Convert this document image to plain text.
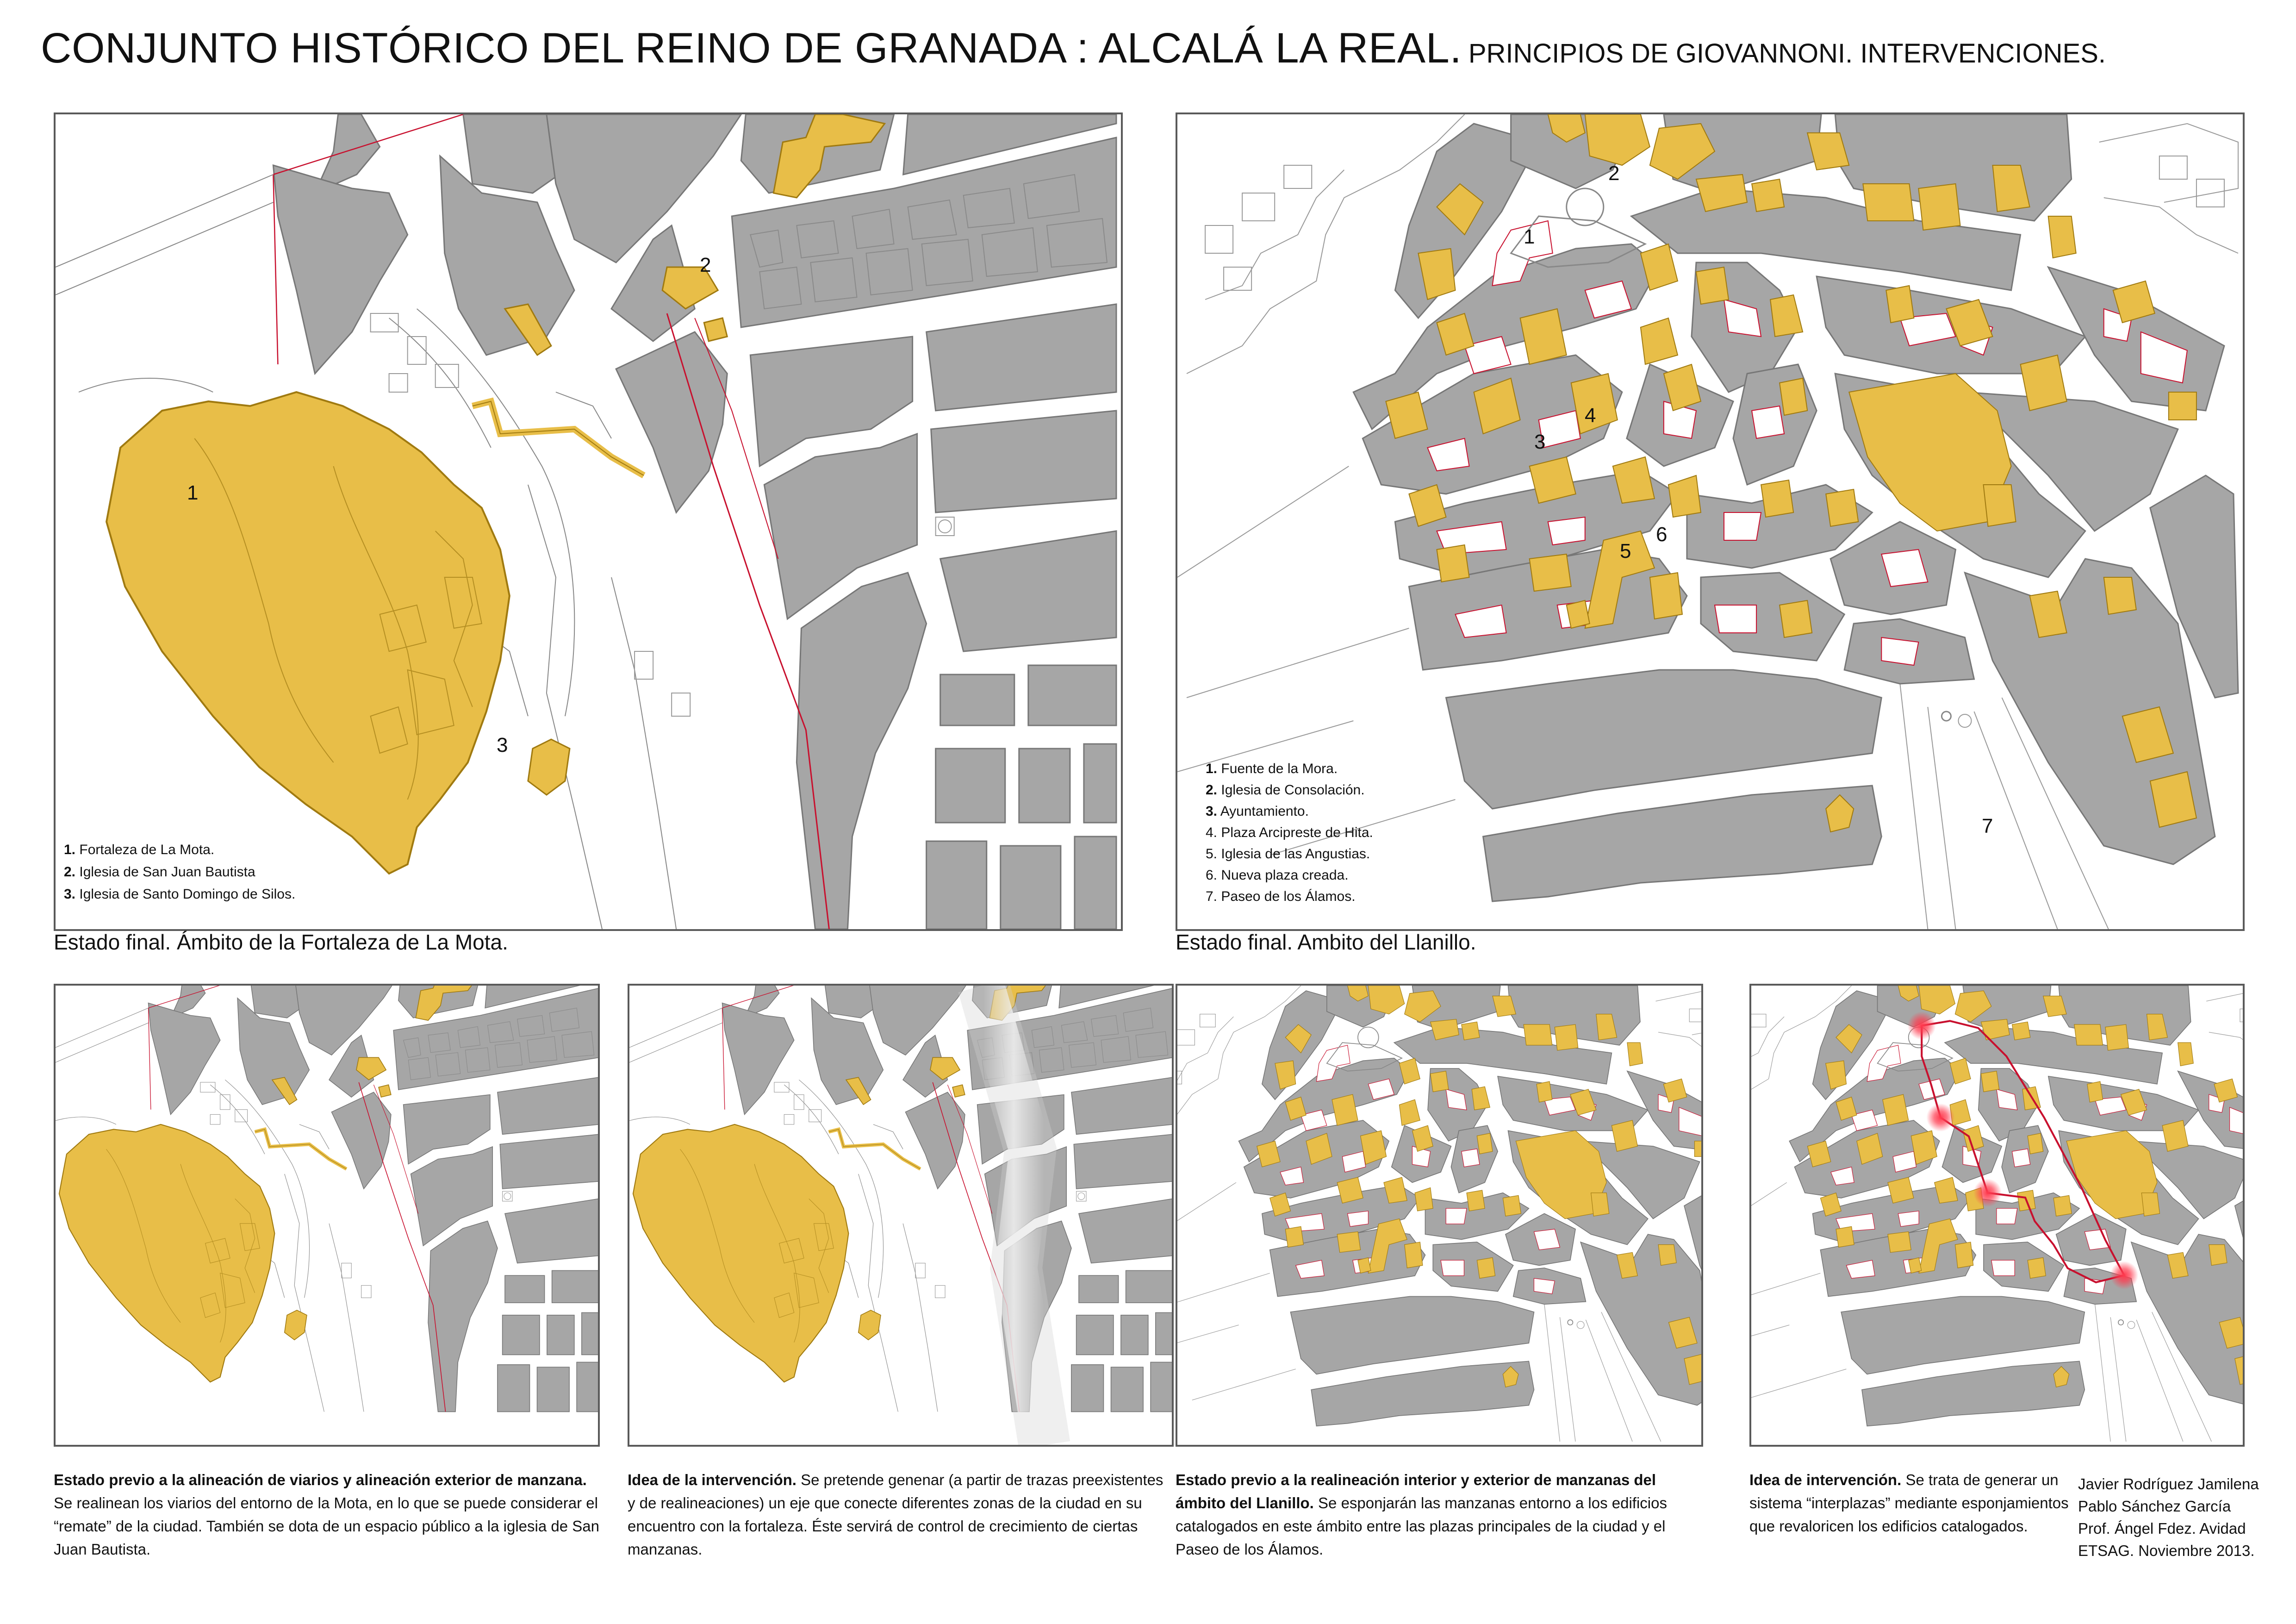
CONJUNTO HISTÓRICO DEL REINO DE GRANADA : ALCALÁ LA REAL. PRINCIPIOS DE GIOVANNONI. INTERVENCIONES.
1
2
3
1. Fortaleza de La Mota.
2. Iglesia de San Juan Bautista
3. Iglesia de Santo Domingo de Silos.
Estado final. Ámbito de la Fortaleza de La Mota.
1
2
3
4
5
6
7
1. Fuente de la Mora.
2. Iglesia de Consolación.
3. Ayuntamiento.
4. Plaza Arcipreste de Hita.
5. Iglesia de las Angustias.
6. Nueva plaza creada.
7. Paseo de los Álamos.
Estado final. Ambito del Llanillo.
Estado previo a la alineación de viarios y alineación exterior de manzana. Se realinean los viarios del entorno de la Mota, en lo que se puede considerar el “remate” de la ciudad. También se dota de un espacio público a la iglesia de San Juan Bautista.
Idea de la intervención. Se pretende genenar (a partir de trazas preexistentes y de realineaciones) un eje que conecte diferentes zonas de la ciudad en su encuentro con la fortaleza. Éste servirá de control de crecimiento de ciertas manzanas.
Estado previo a la realineación interior y exterior de manzanas del ámbito del Llanillo. Se esponjarán las manzanas entorno a los edificios catalogados en este ámbito entre las plazas principales de la ciudad y el Paseo de los Álamos.
Idea de intervención. Se trata de generar un sistema “interplazas” mediante esponjamientos que revaloricen los edificios catalogados.
Javier Rodríguez Jamilena
Pablo Sánchez García
Prof. Ángel Fdez. Avidad
ETSAG. Noviembre 2013.
